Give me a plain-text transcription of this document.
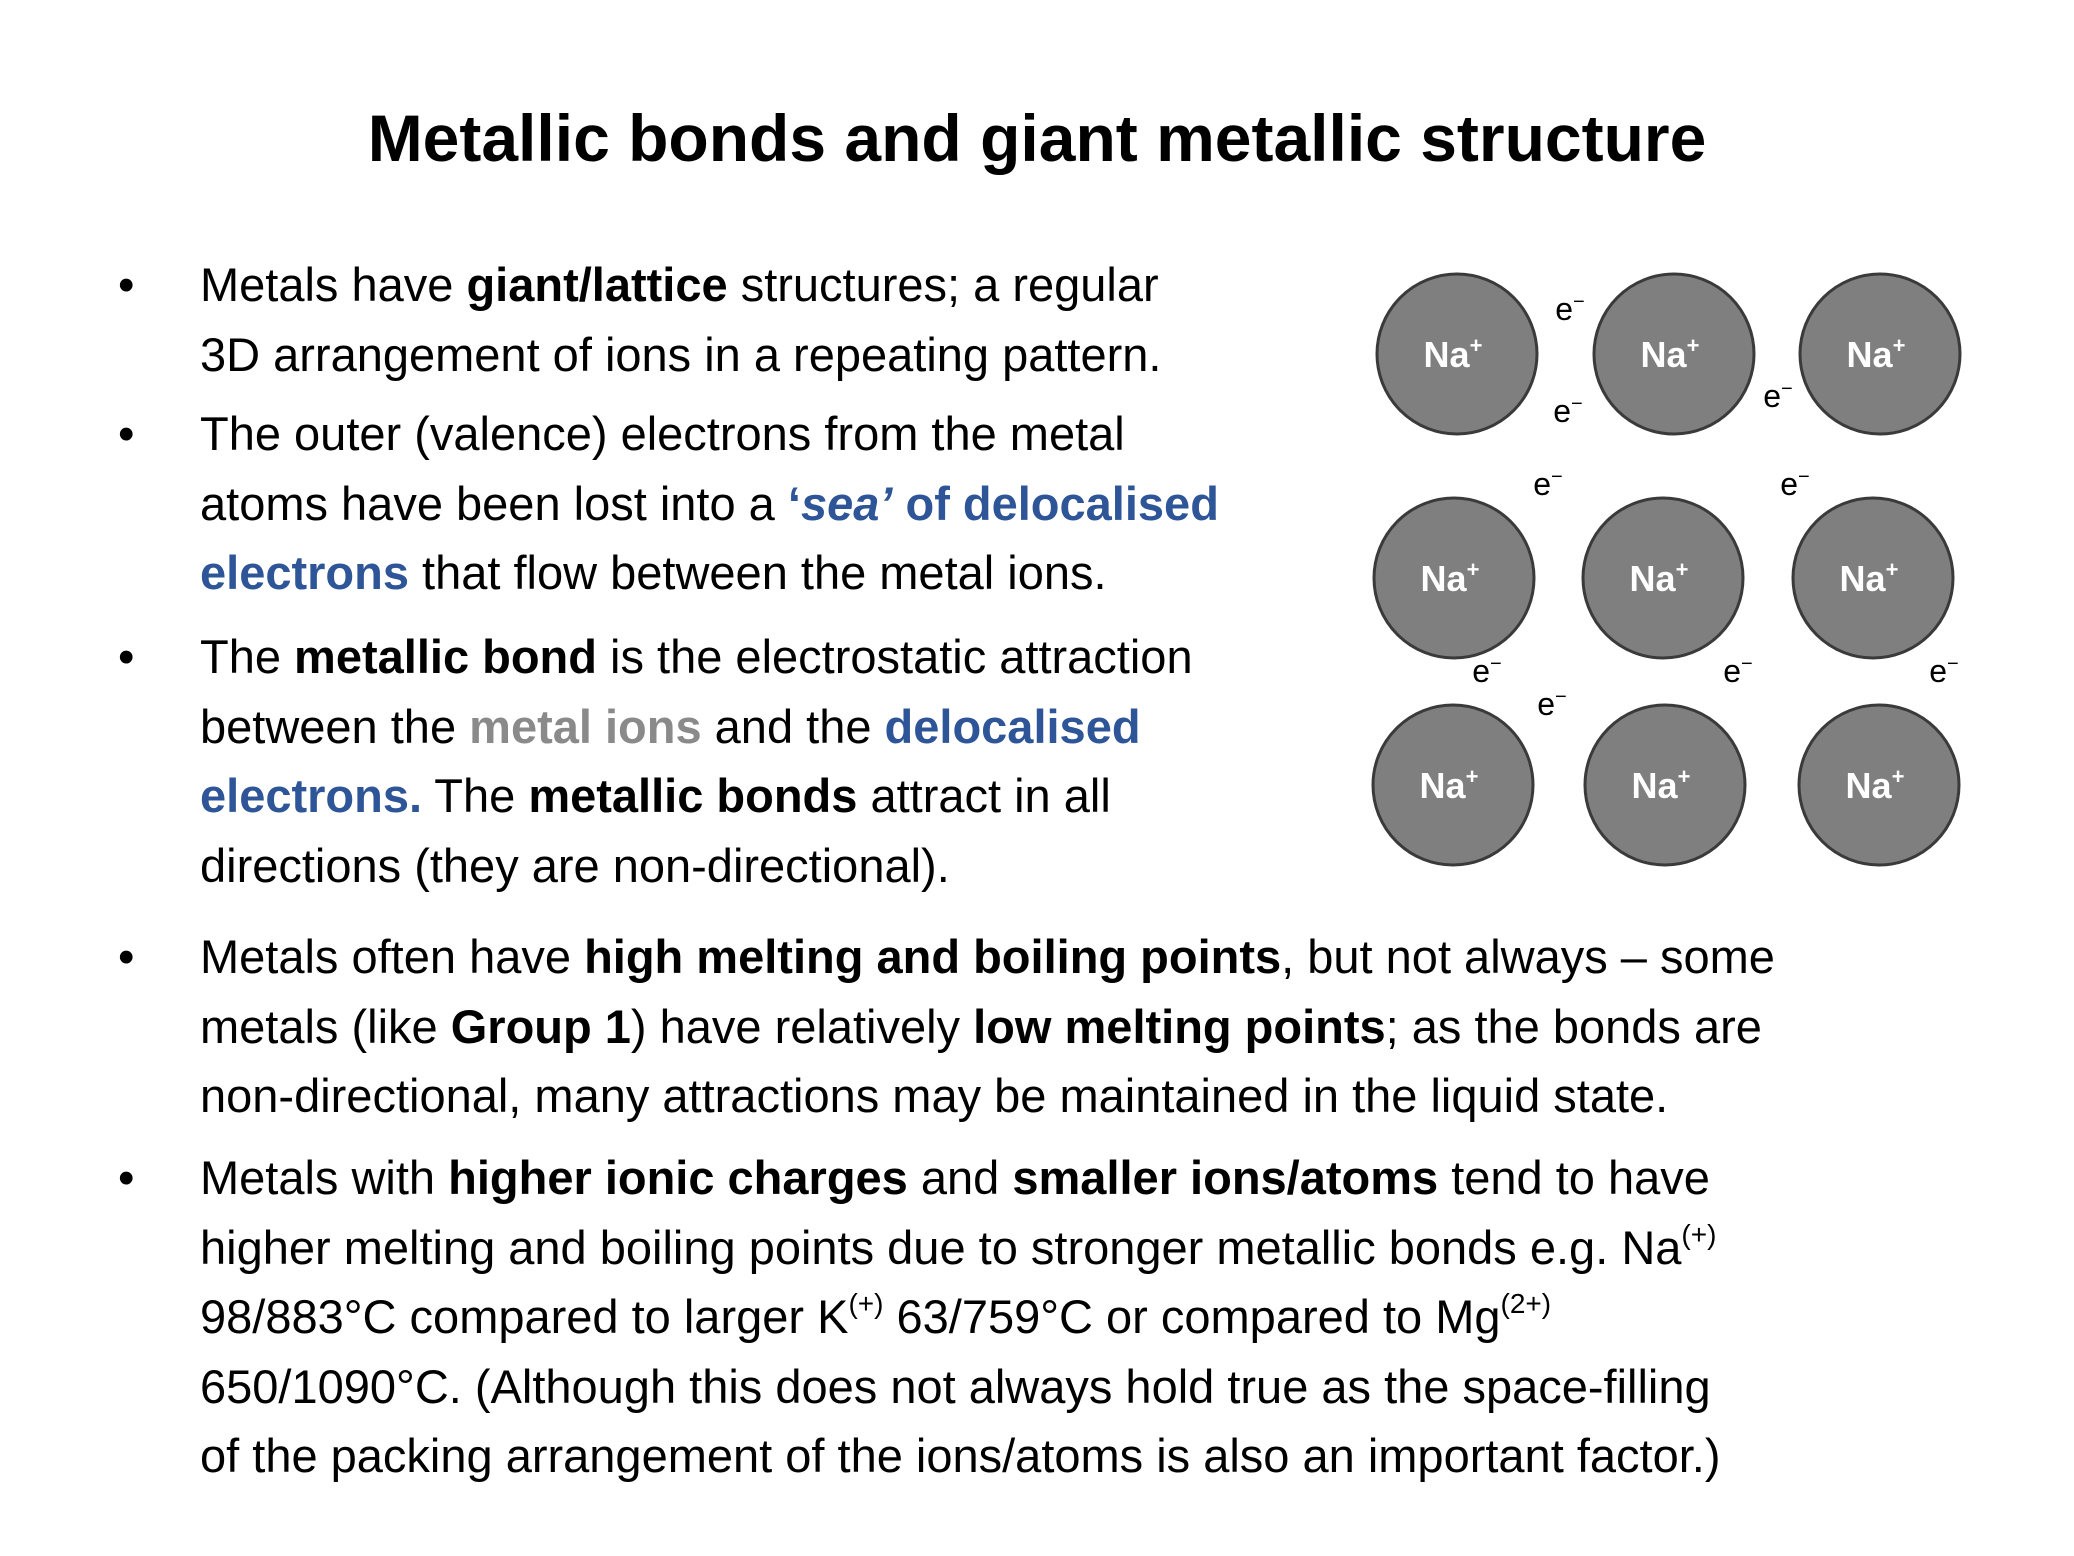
Metallic bonds and giant metallic structure
• Metals have giant/lattice structures; a regular
3D arrangement of ions in a repeating pattern.
• The outer (valence) electrons from the metal
atoms have been lost into a ‘sea’ of delocalised
electrons that flow between the metal ions.
• The metallic bond is the electrostatic attraction
between the metal ions and the delocalised
electrons. The metallic bonds attract in all
directions (they are non-directional).
• Metals often have high melting and boiling points, but not always – some
metals (like Group 1) have relatively low melting points; as the bonds are
non-directional, many attractions may be maintained in the liquid state.
• Metals with higher ionic charges and smaller ions/atoms tend to have
higher melting and boiling points due to stronger metallic bonds e.g. Na(+)
98/883°C compared to larger K(+) 63/759°C or compared to $Mg^{(2+)}$
650/1090°C. (Although this does not always hold true as the space-filling
of the packing arrangement of the ions/atoms is also an important factor.)
Na+	Na+	Na+
Na+	Na+	Na+
Na+	Na+	Na+
e−
e−	e−
e−	e−
e−
e−
e−	e−
